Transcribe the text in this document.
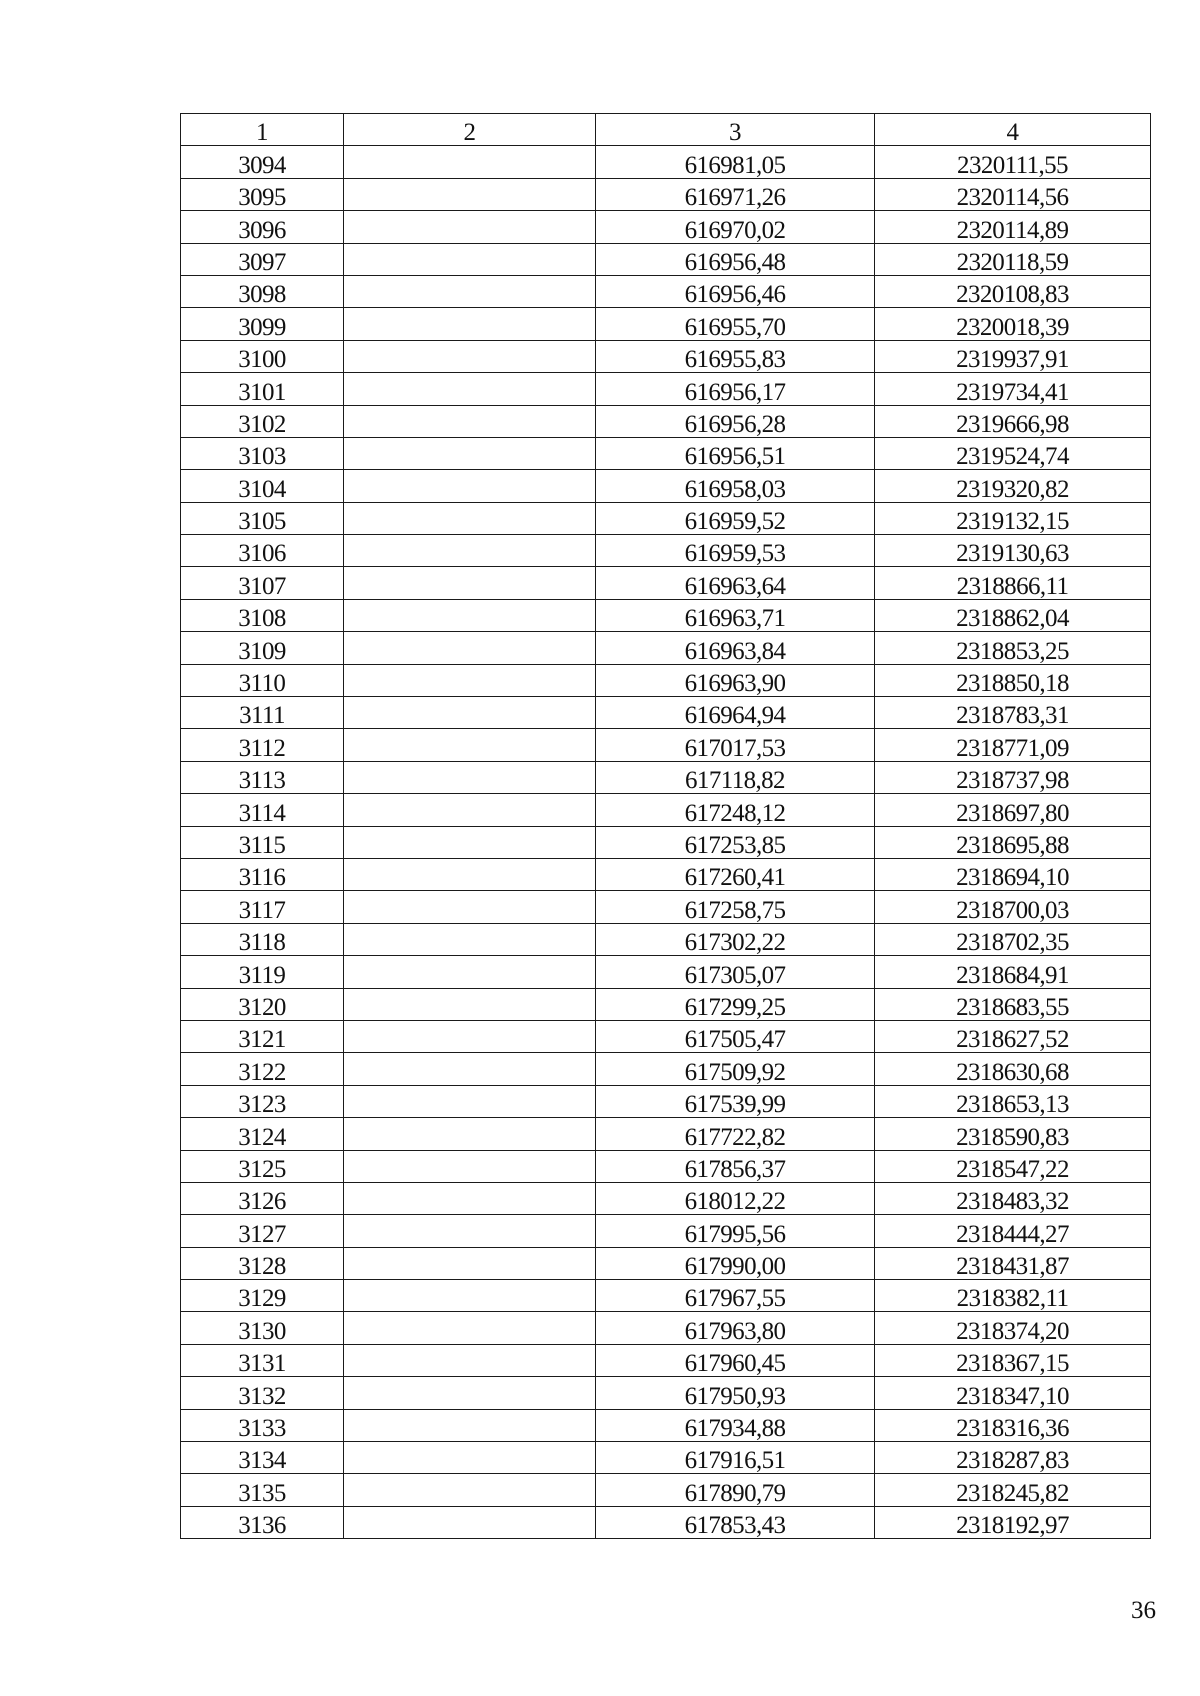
1	2	3	4
3094		616981,05	2320111,55
3095		616971,26	2320114,56
3096		616970,02	2320114,89
3097		616956,48	2320118,59
3098		616956,46	2320108,83
3099		616955,70	2320018,39
3100		616955,83	2319937,91
3101		616956,17	2319734,41
3102		616956,28	2319666,98
3103		616956,51	2319524,74
3104		616958,03	2319320,82
3105		616959,52	2319132,15
3106		616959,53	2319130,63
3107		616963,64	2318866,11
3108		616963,71	2318862,04
3109		616963,84	2318853,25
3110		616963,90	2318850,18
3111		616964,94	2318783,31
3112		617017,53	2318771,09
3113		617118,82	2318737,98
3114		617248,12	2318697,80
3115		617253,85	2318695,88
3116		617260,41	2318694,10
3117		617258,75	2318700,03
3118		617302,22	2318702,35
3119		617305,07	2318684,91
3120		617299,25	2318683,55
3121		617505,47	2318627,52
3122		617509,92	2318630,68
3123		617539,99	2318653,13
3124		617722,82	2318590,83
3125		617856,37	2318547,22
3126		618012,22	2318483,32
3127		617995,56	2318444,27
3128		617990,00	2318431,87
3129		617967,55	2318382,11
3130		617963,80	2318374,20
3131		617960,45	2318367,15
3132		617950,93	2318347,10
3133		617934,88	2318316,36
3134		617916,51	2318287,83
3135		617890,79	2318245,82
3136		617853,43	2318192,97
36
